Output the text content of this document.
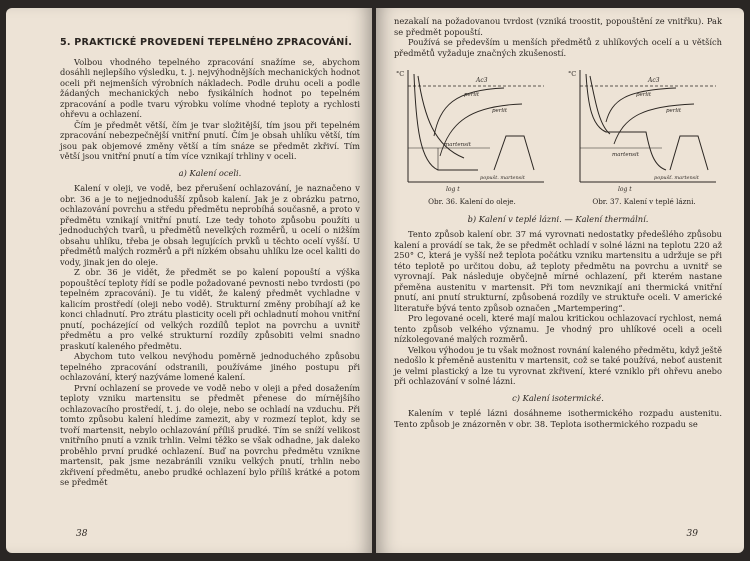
5. PRAKTICKÉ PROVEDENÍ TEPELNÉHO ZPRACOVÁNÍ.

Volbou vhodného tepelného zpracování snažíme se, abychom dosáhli nejlepšího výsledku, t. j. nejvýhodnějších mechanických hodnot oceli při nejmenších výrobních nákladech. Podle druhu oceli a podle žádaných mechanických nebo fysikálních hodnot po tepelném zpracování a podle tvaru výrobku volíme vhodné teploty a rychlosti ohřevu a ochlazení.

Čím je předmět větší, čím je tvar složitější, tím jsou při tepelném zpracování nebezpečnější vnitřní pnutí. Čím je obsah uhlíku větší, tím jsou pak objemové změny větší a tím snáze se předmět zkřiví. Tím větší jsou vnitřní pnutí a tím více vznikají trhliny v oceli.

a) Kalení oceli.

Kalení v oleji, ve vodě, bez přerušení ochlazování, je naznačeno v obr. 36 a je to nejjednodušší způsob kalení. Jak je z obrázku patrno, ochlazování povrchu a středu předmětu neprobíhá současně, a proto v předmětu vznikají vnitřní pnutí. Lze tedy tohoto způsobu použíti u jednoduchých tvarů, u předmětů nevelkých rozměrů, u ocelí o nižším obsahu uhlíku, třeba je obsah legujících prvků u těchto ocelí vyšší. U předmětů malých rozměrů a při nízkém obsahu uhlíku lze ocel kaliti do vody, jinak jen do oleje.

Z obr. 36 je vidět, že předmět se po kalení popouští a výška popouštěcí teploty řídí se podle požadované pevnosti nebo tvrdosti (po tepelném zpracování). Je tu vidět, že kalený předmět vychladne v kalicím prostředí (oleji nebo vodě). Strukturní změny probíhají až ke konci chladnutí. Pro ztrátu plasticity oceli při ochladnutí mohou vnitřní pnutí, pocházející od velkých rozdílů teplot na povrchu a uvnitř předmětu a pro velké strukturní rozdíly způsobiti velmi snadno praskutí kaleného předmětu.

Abychom tuto velkou nevýhodu poměrně jednoduchého způsobu tepelného zpracování odstranili, používáme jiného postupu při ochlazování, který nazýváme lomené kalení.

První ochlazení se provede ve vodě nebo v oleji a před dosažením teploty vzniku martensitu se předmět přenese do mírnějšího ochlazovacího prostředí, t. j. do oleje, nebo se ochladí na vzduchu. Při tomto způsobu kalení hledíme zamezit, aby v rozmezí teplot, kdy se tvoří martensit, nebylo ochlazování příliš prudké. Tím se sníží velikost vnitřního pnutí a vznik trhlin. Velmi těžko se však odhadne, jak daleko proběhlo první prudké ochlazení. Buď na povrchu předmětu vznikne martensit, pak jsme nezabránili vzniku velkých pnutí, trhlin nebo zkřivení předmětu, anebo prudké ochlazení bylo příliš krátké a potom se předmět

38

nezakalí na požadovanou tvrdost (vzniká troostit, popouštění ze vnitřku). Pak se předmět popouští.

Používá se především u menších předmětů z uhlíkových ocelí a u větších předmětů vyžaduje značných zkušeností.

°C
Ac3
perlit
perlit
martensit
log t
popušt. martensit
Obr. 36. Kalení do oleje.
°C
Ac3
perlit
perlit
martensit
log t
popušť. martensit
Obr. 37. Kalení v teplé lázni.

b) Kalení v teplé lázni. — Kalení thermální.

Tento způsob kalení obr. 37 má vyrovnati nedostatky předešlého způsobu kalení a provádí se tak, že se předmět ochladí v solné lázni na teplotu 220 až 250° C, která je vyšší než teplota počátku vzniku martensitu a udržuje se při této teplotě po určitou dobu, až teploty předmětu na povrchu a uvnitř se vyrovnají. Pak následuje obyčejně mírné ochlazení, při kterém nastane přeměna austenitu v martensit. Při tom nevznikají ani thermická vnitřní pnutí, ani pnutí strukturní, způsobená rozdíly ve struktuře oceli. V americké literatuře bývá tento způsob označen „Martempering“.

Pro legované oceli, které mají malou kritickou ochlazovací rychlost, nemá tento způsob velkého významu. Je vhodný pro uhlíkové oceli a oceli nízkolegované malých rozměrů.

Velkou výhodou je tu však možnost rovnání kaleného předmětu, když ještě nedošlo k přeměně austenitu v martensit, což se také používá, neboť austenit je velmi plastický a lze tu vyrovnat zkřivení, které vzniklo při ohřevu anebo při ochlazování v solné lázni.

c) Kalení isotermické.

Kalením v teplé lázni dosáhneme isothermického rozpadu austenitu. Tento způsob je znázorněn v obr. 38. Teplota isothermického rozpadu se

39
